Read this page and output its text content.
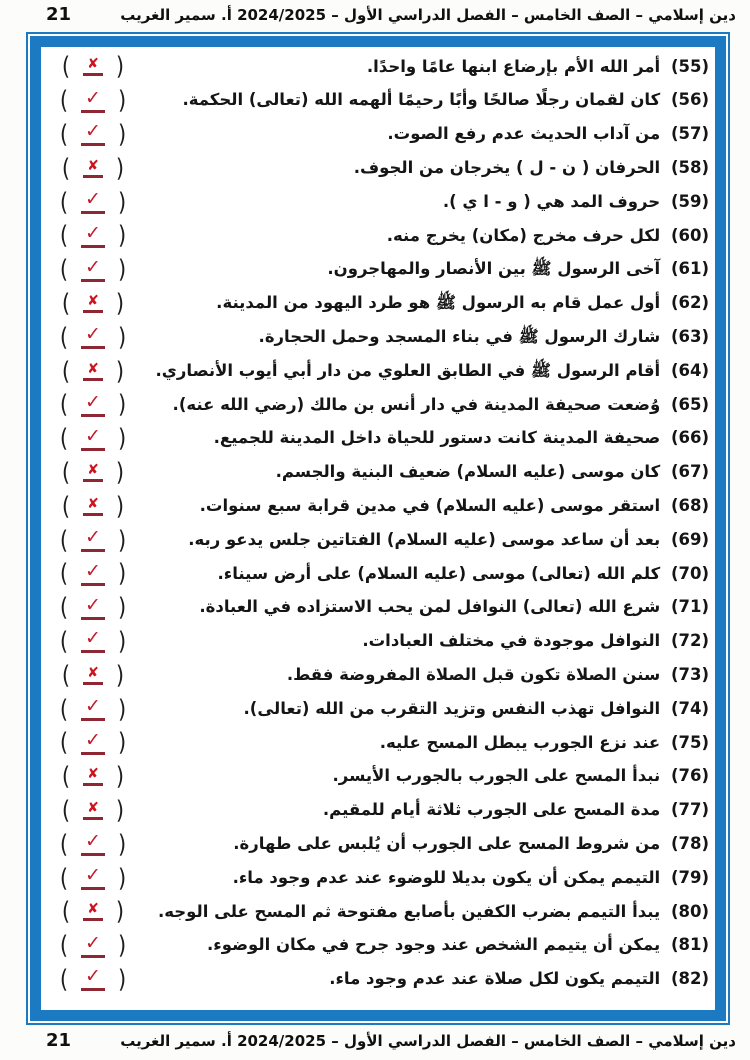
دين إسلامي – الصف الخامس – الفصل الدراسي الأول – 2024/2025 أ. سمير الغريب
21
(55) أمر الله الأم بإرضاع ابنها عامًا واحدًا.
( ✘ )
(56) كان لقمان رجلًا صالحًا وأبًا رحيمًا ألهمه الله (تعالى) الحكمة.
( ✓ )
(57) من آداب الحديث عدم رفع الصوت.
( ✓ )
(58) الحرفان ( ن - ل ) يخرجان من الجوف.
( ✘ )
(59) حروف المد هي ( و - ا ي ).
( ✓ )
(60) لكل حرف مخرج (مكان) يخرج منه.
( ✓ )
(61) آخى الرسول ﷺ بين الأنصار والمهاجرون.
( ✓ )
(62) أول عمل قام به الرسول ﷺ هو طرد اليهود من المدينة.
( ✘ )
(63) شارك الرسول ﷺ في بناء المسجد وحمل الحجارة.
( ✓ )
(64) أقام الرسول ﷺ في الطابق العلوي من دار أبي أيوب الأنصاري.
( ✘ )
(65) وُضعت صحيفة المدينة في دار أنس بن مالك (رضي الله عنه).
( ✓ )
(66) صحيفة المدينة كانت دستور للحياة داخل المدينة للجميع.
( ✓ )
(67) كان موسى (عليه السلام) ضعيف البنية والجسم.
( ✘ )
(68) استقر موسى (عليه السلام) في مدين قرابة سبع سنوات.
( ✘ )
(69) بعد أن ساعد موسى (عليه السلام) الفتاتين جلس يدعو ربه.
( ✓ )
(70) كلم الله (تعالى) موسى (عليه السلام) على أرض سيناء.
( ✓ )
(71) شرع الله (تعالى) النوافل لمن يحب الاستزاده في العبادة.
( ✓ )
(72) النوافل موجودة في مختلف العبادات.
( ✓ )
(73) سنن الصلاة تكون قبل الصلاة المفروضة فقط.
( ✘ )
(74) النوافل تهذب النفس وتزيد التقرب من الله (تعالى).
( ✓ )
(75) عند نزع الجورب يبطل المسح عليه.
( ✓ )
(76) نبدأ المسح على الجورب بالجورب الأيسر.
( ✘ )
(77) مدة المسح على الجورب ثلاثة أيام للمقيم.
( ✘ )
(78) من شروط المسح على الجورب أن يُلبس على طهارة.
( ✓ )
(79) التيمم يمكن أن يكون بديلا للوضوء عند عدم وجود ماء.
( ✓ )
(80) يبدأ التيمم بضرب الكفين بأصابع مفتوحة ثم المسح على الوجه.
( ✘ )
(81) يمكن أن يتيمم الشخص عند وجود جرح في مكان الوضوء.
( ✓ )
(82) التيمم يكون لكل صلاة عند عدم وجود ماء.
( ✓ )
دين إسلامي – الصف الخامس – الفصل الدراسي الأول – 2024/2025 أ. سمير الغريب
21
